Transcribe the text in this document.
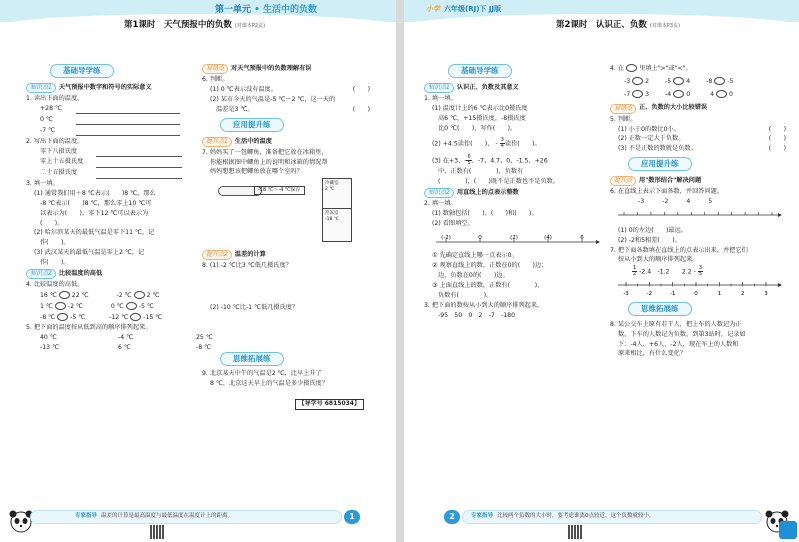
第一单元 • 生活中的负数
第1课时　天气预报中的负数 (对课本P2页)
基础导学练
知识点1	天气预报中数字和符号的实际意义
1. 读出下面的温度。
+28 ℃
0 ℃
-7 ℃
2. 写出下面的温度。
零下八摄氏度
零上十五摄氏度
二十五摄氏度
3. 填一填。
(1) 通常我们用＋8 ℃表示(　　)8 ℃，那么
-8 ℃表示(　　)8 ℃，那么零上10 ℃可
以表示为(　　)，零下12 ℃可以表示为
(　　)。
(2) 哈尔滨某天的最低气温是零下11 ℃，记
作(　　)。
(3) 武汉某天的最低气温是零上2 ℃，记
作(　　)。
知识点2	比较温度的高低
4. 比较温度的高低。
16 ℃ 22 ℃	-2 ℃ 2 ℃
1 ℃ -2 ℃	0 ℃ -5 ℃
-8 ℃ -5 ℃	-12 ℃ -15 ℃
5. 把下面的温度按从低到高的顺序排列起来。
40 ℃	-4 ℃	25 ℃
-13 ℃	6 ℃	-8 ℃
易错点	对天气预报中的负数理解有误
6. 判断。
(1) 0 ℃表示没有温度。	(　　)
(2) 某市今天的气温是-5 ℃～2 ℃，这一天的
温差是3 ℃。	(　　)
应用提升练
提升点1	生活中的温度
7. 妈妈买了一包鲫鱼，准备把它放在冰箱里，
你能根据图中鲫鱼上的说明和冰箱的情况帮
妈妈想想该把鲫鱼放在哪个室吗？
-18 ℃～-4 ℃保存
冷藏室
2 ℃
冷冻室
-18 ℃
提升点2	温差的计算
8. (1) -2 ℃比3 ℃低几摄氏度？
(2) -10 ℃比-1 ℃低几摄氏度？
思维拓展练
9. 北京某天中午的气温是2 ℃，比早上升了
8 ℃，北京这天早上的气温是多少摄氏度？
【导学号 6815034】
专家指导 温差的计算是最高温度与最低温度在温度计上的距离。	1
小学 六年级(RJ)下 JJ版
第2课时　认识正、负数 (对课本P3页)
基础导学练
知识点1	认识正、负数及其意义
1. 填一填。
(1) 温度计上的6 ℃表示比0摄氏度
高6 ℃，+15摄氏度，-8摄氏度
比0 ℃(　　)，写作(　　)。
(2) +4.5读作(　　)， - $\frac{3}{4}$ 读作(　　)。
(3) 在+3、- $\frac{6}{5}$ 、-7、4.7、0、-1.5、+26
中，正数有(　　　　)，负数有
(　　　　)，(　　)既不是正数也不是负数。
知识点2	用直线上的点表示整数
2. 填一填。
(1) 数轴包括(　　)、(　　)和(　　)。
(2) 看图填空。
(-2)	0	(2)	(4)	6
① 先确定直线上哪一点表示0。
② 观察直线上的数，正数在0的(　　)边；
边，负数在0的(　　)边。
③ 上面直线上的数，正数有(　　　　)，
负数有(　　　　)。
3. 把下面的数按从小到大的顺序排列起来。
-95　50　0　2　-7　-180
4. 在 里填上">"或"<"。
-3 2	-5 4	-8 -5
-7 3	-4 0	4 0
易错点	正、负数的大小比较错误
5. 判断。
(1) 小于0的数比0小。	(　　)
(2) 正数一定大于负数。	(　　)
(3) 不是正数的数就是负数。	(　　)
应用提升练
提升点	用"数形结合"解决问题
6. 在直线上表示下面各数，并回答问题。
-3	-2	4	5
(1) 0的左边(　　)最远。
(2) -2和5相差(　　)。
7. 把下面各数填在直线上的点表示出来，并把它们
按从小到大的顺序排列起来。
$\frac{1}{2} -2.4$　-1.2　　$2.2 - \frac{3}{5}$
-3	-2	-1	0	1	2	3
思维拓展练
8. 某公交车上原有若干人，把上车的人数记为正
数，下车的人数记为负数，到第3站时，记录如
下：-4人，+6人，-2人，现在车上的人数和
原来相比，有什么变化？
2	专家指导 比较两个负数的大小时，要考虑谁离0点较近，这个负数就较小。
